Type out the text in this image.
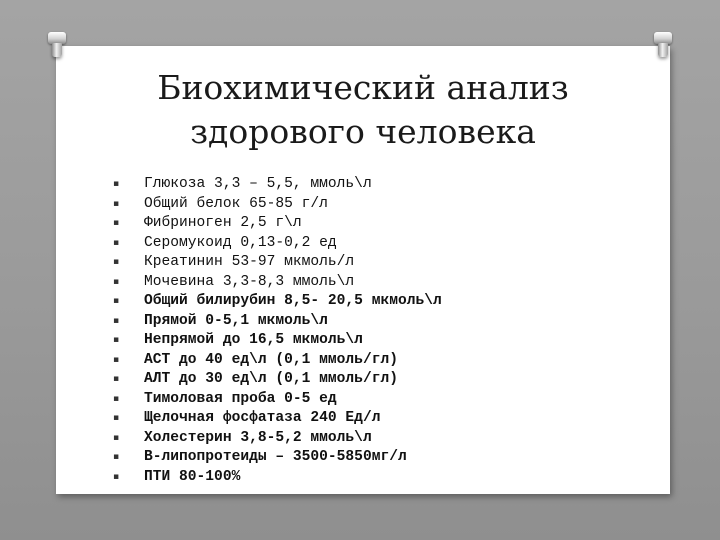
Биохимический анализ
здорового человека
▪ Глюкоза 3,3 – 5,5, ммоль\л
▪ Общий белок 65-85 г/л
▪ Фибриноген 2,5 г\л
▪ Серомукоид 0,13-0,2 ед
▪ Креатинин 53-97 мкмоль/л
▪ Мочевина 3,3-8,3 ммоль\л
▪ Общий билирубин 8,5- 20,5 мкмоль\л
▪ Прямой 0-5,1 мкмоль\л
▪ Непрямой до 16,5 мкмоль\л
▪ АСТ до 40 ед\л (0,1 ммоль/гл)
▪ АЛТ до 30 ед\л (0,1 ммоль/гл)
▪ Тимоловая проба 0-5 ед
▪ Щелочная фосфатаза 240 Ед/л
▪ Холестерин 3,8-5,2 ммоль\л
▪ В-липопротеиды – 3500-5850мг/л
▪ ПТИ 80-100%
